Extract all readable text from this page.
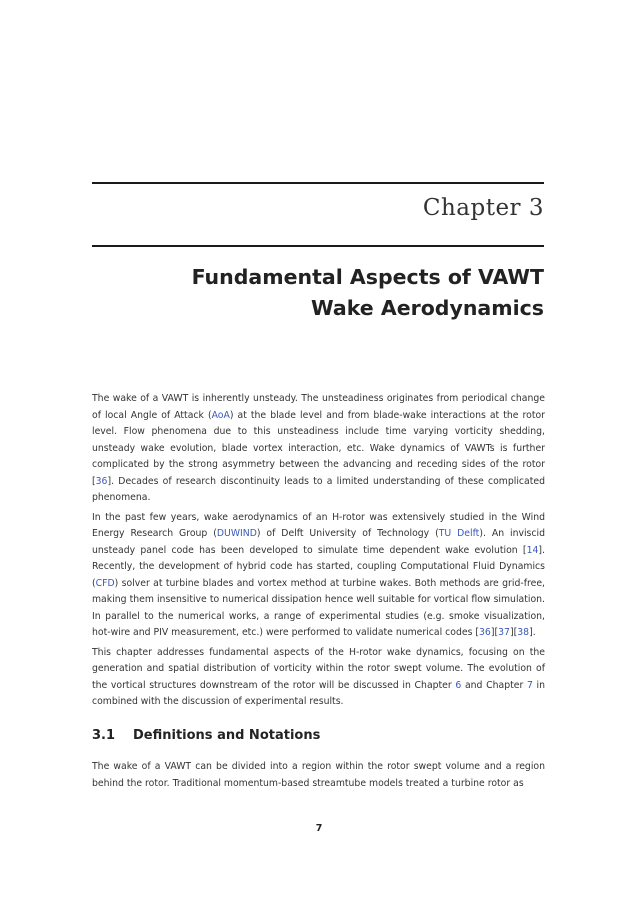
Chapter 3
Fundamental Aspects of VAWT
Wake Aerodynamics

The wake of a VAWT is inherently unsteady. The unsteadiness originates from periodical change of local Angle of Attack (AoA) at the blade level and from blade-wake interactions at the rotor level. Flow phenomena due to this unsteadiness include time varying vorticity shedding, unsteady wake evolution, blade vortex interaction, etc. Wake dynamics of VAWTs is further complicated by the strong asymmetry between the advancing and receding sides of the rotor [36]. Decades of research discontinuity leads to a limited understanding of these complicated phenomena.

In the past few years, wake aerodynamics of an H-rotor was extensively studied in the Wind Energy Research Group (DUWIND) of Delft University of Technology (TU Delft). An inviscid unsteady panel code has been developed to simulate time dependent wake evolution [14]. Recently, the development of hybrid code has started, coupling Computational Fluid Dynamics (CFD) solver at turbine blades and vortex method at turbine wakes. Both methods are grid-free, making them insensitive to numerical dissipation hence well suitable for vortical flow simulation. In parallel to the numerical works, a range of experimental studies (e.g. smoke visualization, hot-wire and PIV measurement, etc.) were performed to validate numerical codes [36][37][38].

This chapter addresses fundamental aspects of the H-rotor wake dynamics, focusing on the generation and spatial distribution of vorticity within the rotor swept volume. The evolution of the vortical structures downstream of the rotor will be discussed in Chapter 6 and Chapter 7 in combined with the discussion of experimental results.

3.1 Definitions and Notations

The wake of a VAWT can be divided into a region within the rotor swept volume and a region behind the rotor. Traditional momentum-based streamtube models treated a turbine rotor as

7
